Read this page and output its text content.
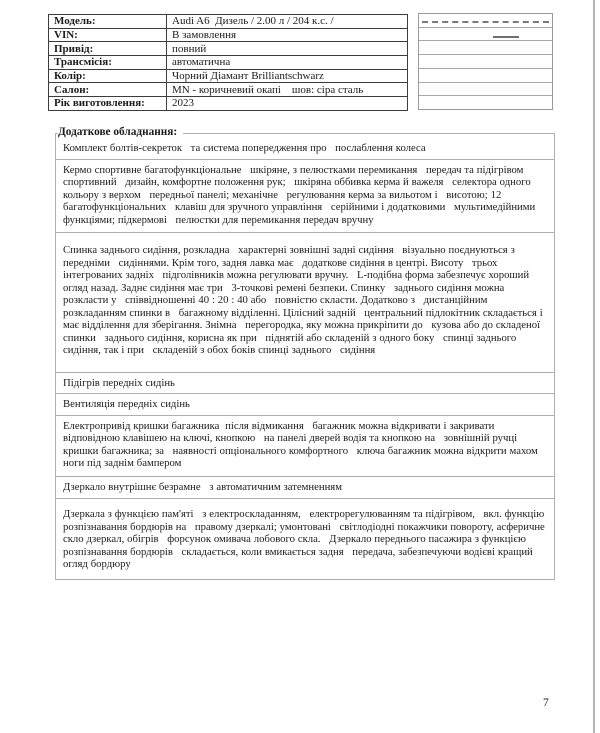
Модель:	Audi A6  Дизель / 2.00 л / 204 к.с. /
VIN:	В замовлення
Привід:	повний
Трансмісія:	автоматична
Колір:	Чорний Діамант Brilliantschwarz
Салон:	MN - коричневий окапі    шов: сіра сталь
Рік виготовлення:	2023
Додаткове обладнання:
Комплект болтів-секреток   та система попередження про   послаблення колеса
Кермо спортивне багатофункціональне   шкіряне, з пелюстками перемикання   передач та підігрівом спортивний   дизайн, комфортне положення рук;   шкіряна оббивка керма й важеля   селектора одного кольору з верхом   передньої панелі; механічне   регулювання керма за вильотом і   висотою; 12 багатофункціональних   клавіш для зручного управління   серійними і додатковими   мультимедійними функціями; підкермові   пелюстки для перемикання передач вручну
Спинка заднього сидіння, розкладна   характерні зовнішні задні сидіння   візуально поєднуються з передніми   сидіннями. Крім того, задня лавка має   додаткове сидіння в центрі. Висоту   трьох інтегрованих задніх   підголівників можна регулювати вручну.   L-подібна форма забезпечує хороший огляд назад. Заднє сидіння має три   3-точкові ремені безпеки. Спинку   заднього сидіння можна розкласти у   співвідношенні 40 : 20 : 40 або   повністю скласти. Додатково з   дистанційним розкладанням спинки в   багажному відділенні. Цілісний задній   центральний підлокітник складається і має відділення для зберігання. Знімна   перегородка, яку можна прикріпити до   кузова або до складеної спинки   заднього сидіння, корисна як при   піднятій або складеній з одного боку   спинці заднього сидіння, так і при   складеній з обох боків спинці заднього   сидіння
Підігрів передніх сидінь
Вентиляція передніх сидінь
Електропривід кришки багажника  після відмикання   багажник можна відкривати і закривати відповідною клавішею на ключі, кнопкою   на панелі дверей водія та кнопкою на   зовнішній ручці кришки багажника; за   наявності опціонального комфортного   ключа багажник можна відкрити махом ноги під заднім бампером
Дзеркало внутрішнє безрамне   з автоматичним затемненням
Дзеркала з функцією пам'яті   з електроскладанням,   електрорегулюванням та підігрівом,   вкл. функцію розпізнавання бордюрів на   правому дзеркалі; умонтовані   світлодіодні покажчики повороту, асферичне скло дзеркал, обігрів   форсунок омивача лобового скла.   Дзеркало переднього пасажира з функцією розпізнавання бордюрів   складається, коли вмикається задня   передача, забезпечуючи водієві кращий   огляд бордюру
7
